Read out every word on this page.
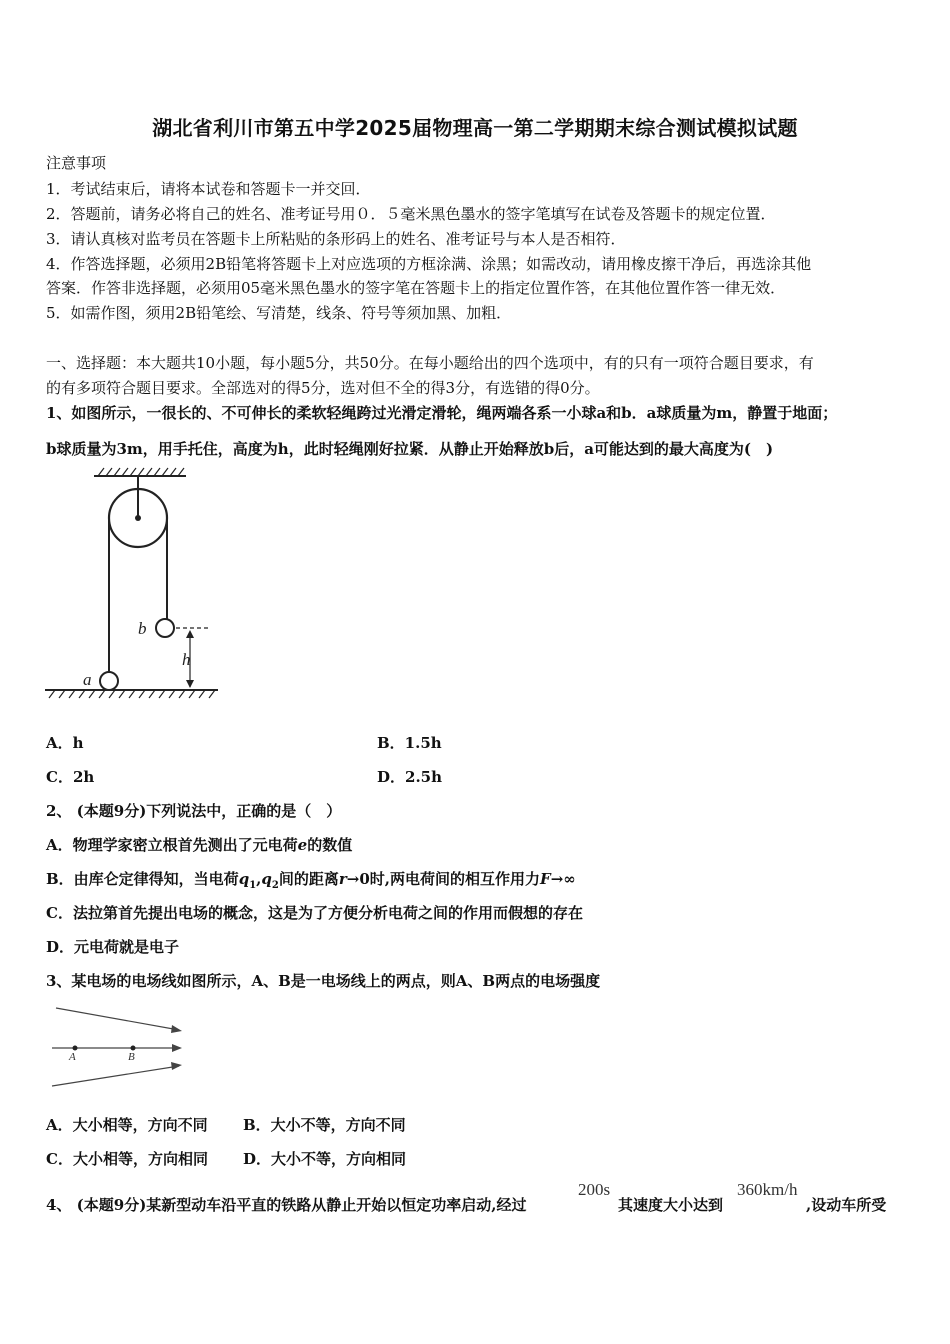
湖北省利川市第五中学2025届物理高一第二学期期末综合测试模拟试题
注意事项
1．考试结束后，请将本试卷和答题卡一并交回．
2．答题前，请务必将自己的姓名、准考证号用０．５毫米黑色墨水的签字笔填写在试卷及答题卡的规定位置．
3．请认真核对监考员在答题卡上所粘贴的条形码上的姓名、准考证号与本人是否相符．
4．作答选择题，必须用2B铅笔将答题卡上对应选项的方框涂满、涂黑；如需改动，请用橡皮擦干净后，再选涂其他
答案．作答非选择题，必须用05毫米黑色墨水的签字笔在答题卡上的指定位置作答，在其他位置作答一律无效．
5．如需作图，须用2B铅笔绘、写清楚，线条、符号等须加黑、加粗．
一、选择题：本大题共10小题，每小题5分，共50分。在每小题给出的四个选项中，有的只有一项符合题目要求，有
的有多项符合题目要求。全部选对的得5分，选对但不全的得3分，有选错的得0分。
1、如图所示，一很长的、不可伸长的柔软轻绳跨过光滑定滑轮，绳两端各系一小球a和b．a球质量为m，静置于地面；
b球质量为3m，用手托住，高度为h，此时轻绳刚好拉紧．从静止开始释放b后，a可能达到的最大高度为(　)
b
h
a
A．h	B．1.5h
C．2h	D．2.5h
2、 (本题9分)下列说法中，正确的是（　）
A．物理学家密立根首先测出了元电荷e的数值
B．由库仑定律得知，当电荷$q_1,q_2$间的距离r→0时,两电荷间的相互作用力F→∞
C．法拉第首先提出电场的概念，这是为了方便分析电荷之间的作用而假想的存在
D．元电荷就是电子
3、某电场的电场线如图所示，A、B是一电场线上的两点，则A、B两点的电场强度
A	B
A．大小相等，方向不同 B．大小不等，方向不同
C．大小相等，方向相同 D．大小不等，方向相同
4、 (本题9分)某新型动车沿平直的铁路从静止开始以恒定功率启动,经过
200s
其速度大小达到
360km/h
,设动车所受
